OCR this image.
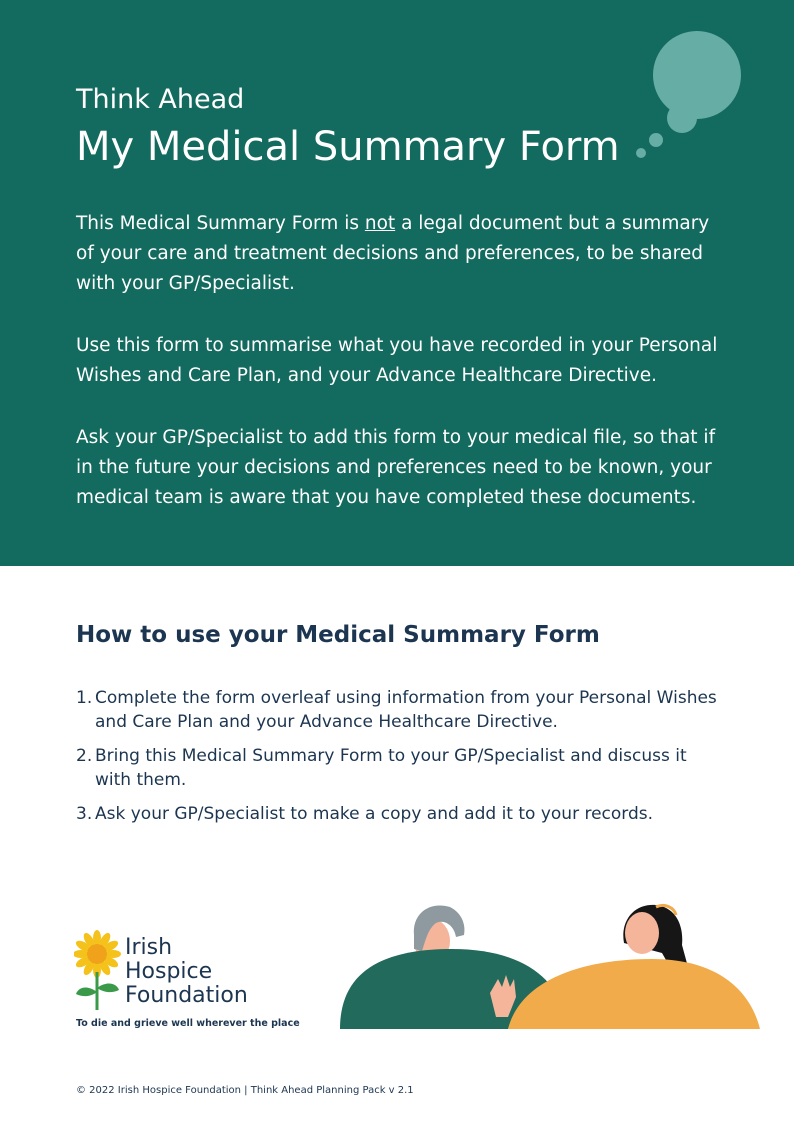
Think Ahead
My Medical Summary Form
This Medical Summary Form is not a legal document but a summary of your care and treatment decisions and preferences, to be shared with your GP/Specialist.
Use this form to summarise what you have recorded in your Personal Wishes and Care Plan, and your Advance Healthcare Directive.
Ask your GP/Specialist to add this form to your medical file, so that if in the future your decisions and preferences need to be known, your medical team is aware that you have completed these documents.
How to use your Medical Summary Form
1. Complete the form overleaf using information from your Personal Wishes and Care Plan and your Advance Healthcare Directive.
2. Bring this Medical Summary Form to your GP/Specialist and discuss it with them.
3. Ask your GP/Specialist to make a copy and add it to your records.
Irish
Hospice
Foundation
To die and grieve well wherever the place
© 2022 Irish Hospice Foundation | Think Ahead Planning Pack v 2.1
